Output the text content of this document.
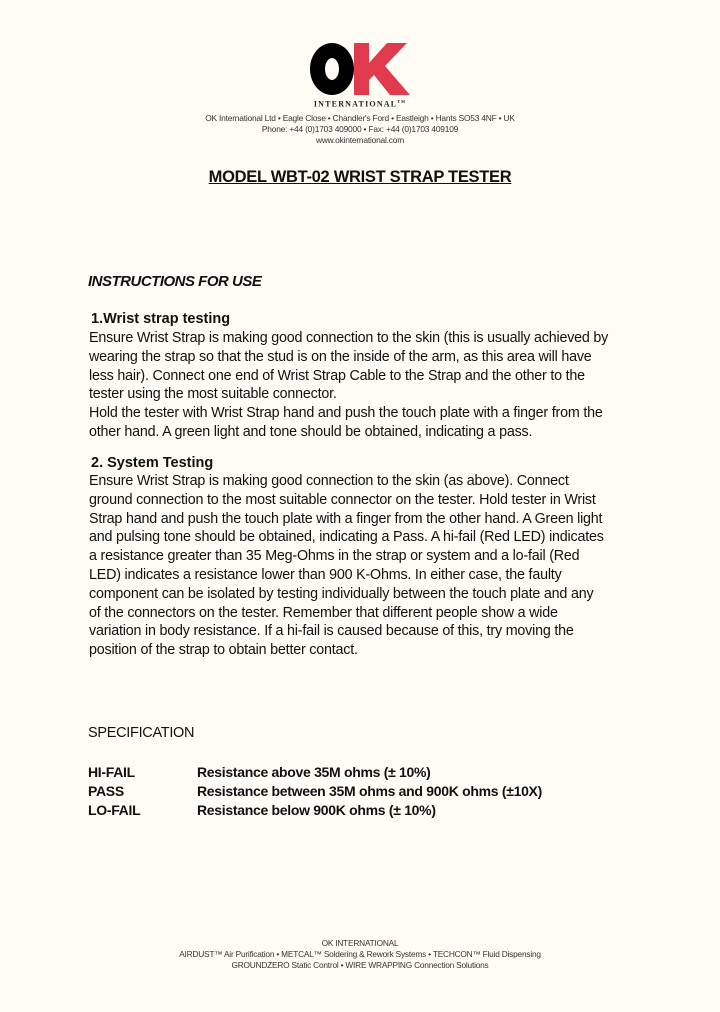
INTERNATIONAL™
OK International Ltd • Eagle Close • Chandler's Ford • Eastleigh • Hants SO53 4NF • UK
Phone: +44 (0)1703 409000 • Fax: +44 (0)1703 409109
www.okinternational.com
MODEL WBT-02 WRIST STRAP TESTER
INSTRUCTIONS FOR USE
1.Wrist strap testing
Ensure Wrist Strap is making good connection to the skin (this is usually achieved by
wearing the strap so that the stud is on the inside of the arm, as this area will have
less hair). Connect one end of Wrist Strap Cable to the Strap and the other to the
tester using the most suitable connector.
Hold the tester with Wrist Strap hand and push the touch plate with a finger from the
other hand. A green light and tone should be obtained, indicating a pass.
2. System Testing
Ensure Wrist Strap is making good connection to the skin (as above). Connect
ground connection to the most suitable connector on the tester. Hold tester in Wrist
Strap hand and push the touch plate with a finger from the other hand. A Green light
and pulsing tone should be obtained, indicating a Pass. A hi-fail (Red LED) indicates
a resistance greater than 35 Meg-Ohms in the strap or system and a lo-fail (Red
LED) indicates a resistance lower than 900 K-Ohms. In either case, the faulty
component can be isolated by testing individually between the touch plate and any
of the connectors on the tester. Remember that different people show a wide
variation in body resistance. If a hi-fail is caused because of this, try moving the
position of the strap to obtain better contact.
SPECIFICATION
HI-FAIL	Resistance above 35M ohms (± 10%)
PASS	Resistance between 35M ohms and 900K ohms (±10X)
LO-FAIL	Resistance below 900K ohms (± 10%)
OK INTERNATIONAL
AIRDUST™ Air Purification • METCAL™ Soldering & Rework Systems • TECHCON™ Fluid Dispensing
GROUNDZERO Static Control • WIRE WRAPPING Connection Solutions
